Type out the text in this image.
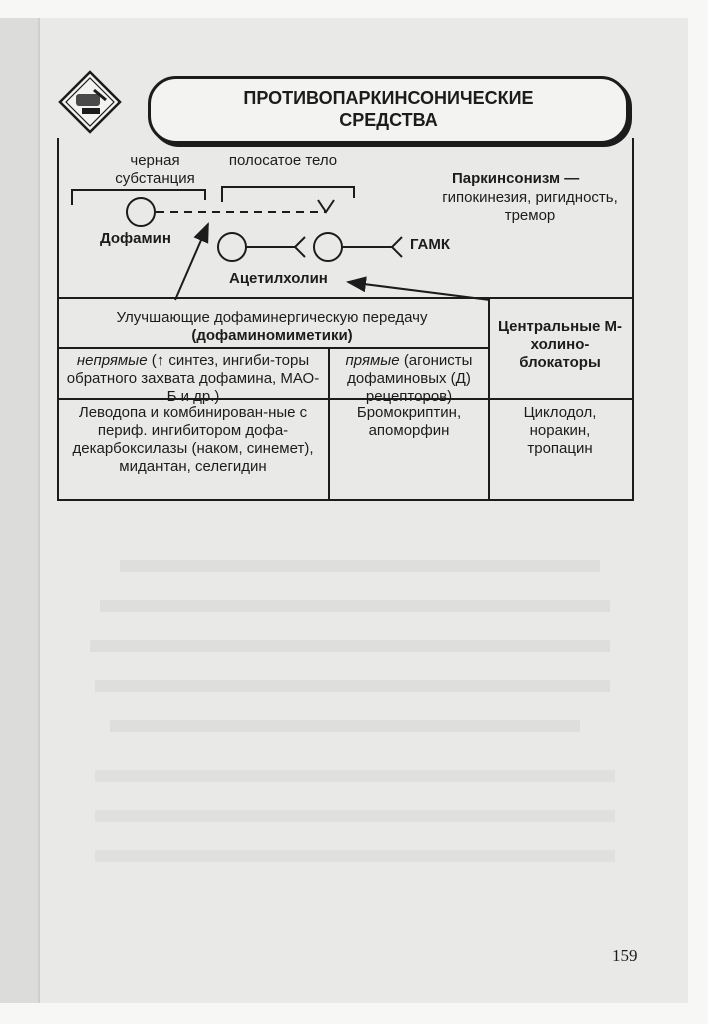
ПРОТИВОПАРКИНСОНИЧЕСКИЕ
СРЕДСТВА
черная субстанция
полосатое тело
Дофамин
Ацетилхолин
ГАМК
Паркинсонизм —
гипокинезия, ригидность, тремор
Улучшающие дофаминергическую передачу (дофаминомиметики)
Центральные М-холино-блокаторы
непрямые (↑ синтез, ингиби-торы обратного захвата дофамина, МАО-Б и др.)
прямые (агонисты дофаминовых (Д) рецепторов)
Леводопа и комбинирован-ные с периф. ингибитором дофа-декарбоксилазы (наком, синемет), мидантан, селегидин
Бромокриптин, апоморфин
Циклодол, норакин, тропацин
159
